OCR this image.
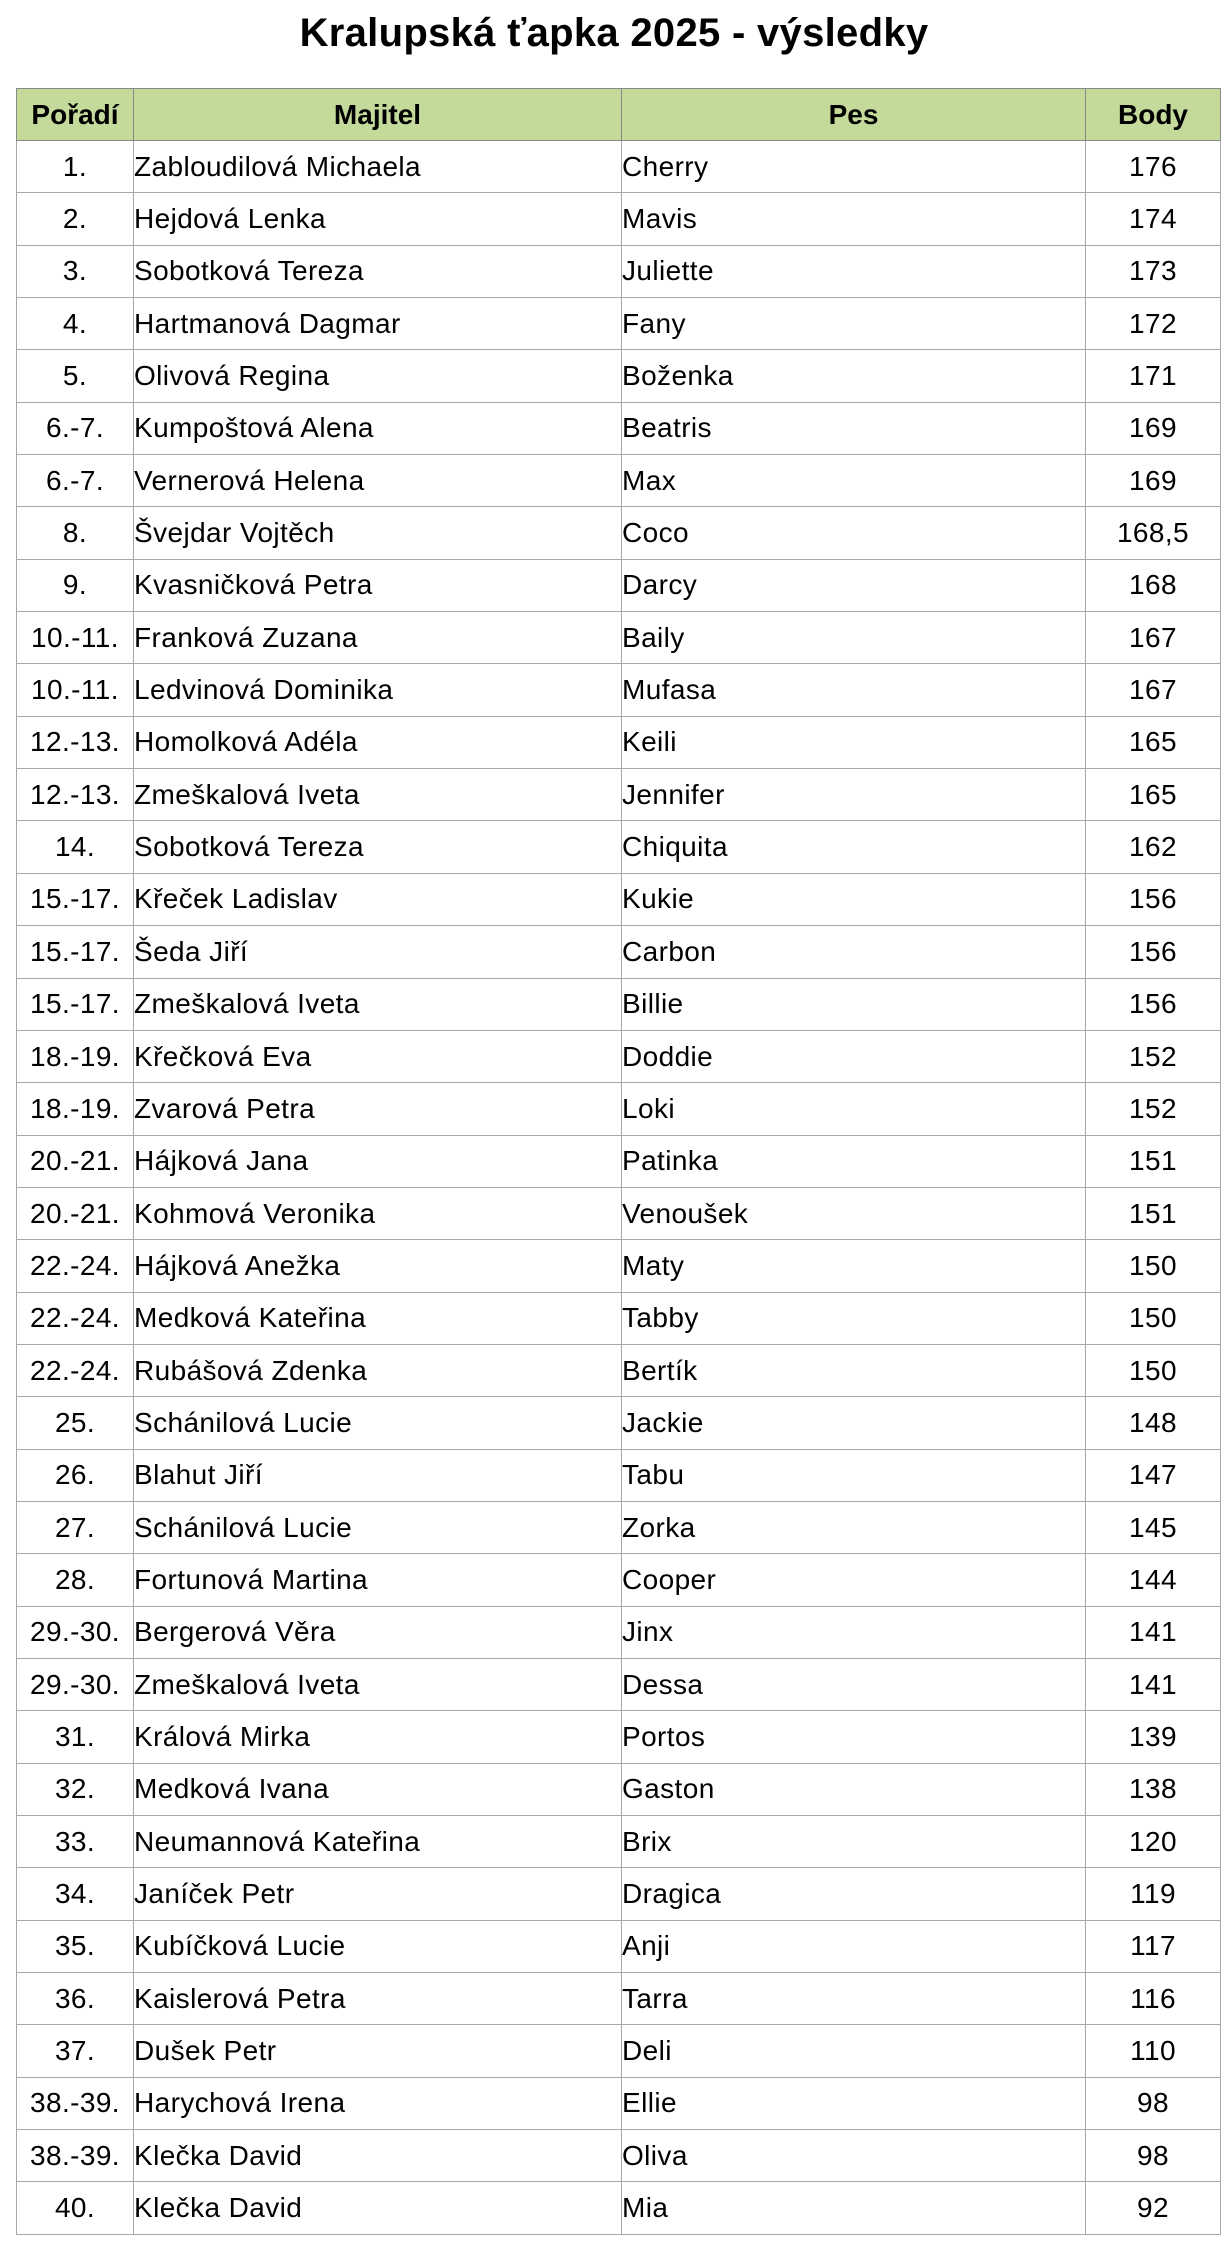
Kralupská ťapka 2025 - výsledky
Pořadí	Majitel	Pes	Body
1.	Zabloudilová Michaela	Cherry	176
2.	Hejdová Lenka	Mavis	174
3.	Sobotková Tereza	Juliette	173
4.	Hartmanová Dagmar	Fany	172
5.	Olivová Regina	Boženka	171
6.-7.	Kumpoštová Alena	Beatris	169
6.-7.	Vernerová Helena	Max	169
8.	Švejdar Vojtěch	Coco	168,5
9.	Kvasničková Petra	Darcy	168
10.-11.	Franková Zuzana	Baily	167
10.-11.	Ledvinová Dominika	Mufasa	167
12.-13.	Homolková Adéla	Keili	165
12.-13.	Zmeškalová Iveta	Jennifer	165
14.	Sobotková Tereza	Chiquita	162
15.-17.	Křeček Ladislav	Kukie	156
15.-17.	Šeda Jiří	Carbon	156
15.-17.	Zmeškalová Iveta	Billie	156
18.-19.	Křečková Eva	Doddie	152
18.-19.	Zvarová Petra	Loki	152
20.-21.	Hájková Jana	Patinka	151
20.-21.	Kohmová Veronika	Venoušek	151
22.-24.	Hájková Anežka	Maty	150
22.-24.	Medková Kateřina	Tabby	150
22.-24.	Rubášová Zdenka	Bertík	150
25.	Schánilová Lucie	Jackie	148
26.	Blahut Jiří	Tabu	147
27.	Schánilová Lucie	Zorka	145
28.	Fortunová Martina	Cooper	144
29.-30.	Bergerová Věra	Jinx	141
29.-30.	Zmeškalová Iveta	Dessa	141
31.	Králová Mirka	Portos	139
32.	Medková Ivana	Gaston	138
33.	Neumannová Kateřina	Brix	120
34.	Janíček Petr	Dragica	119
35.	Kubíčková Lucie	Anji	117
36.	Kaislerová Petra	Tarra	116
37.	Dušek Petr	Deli	110
38.-39.	Harychová Irena	Ellie	98
38.-39.	Klečka David	Oliva	98
40.	Klečka David	Mia	92
